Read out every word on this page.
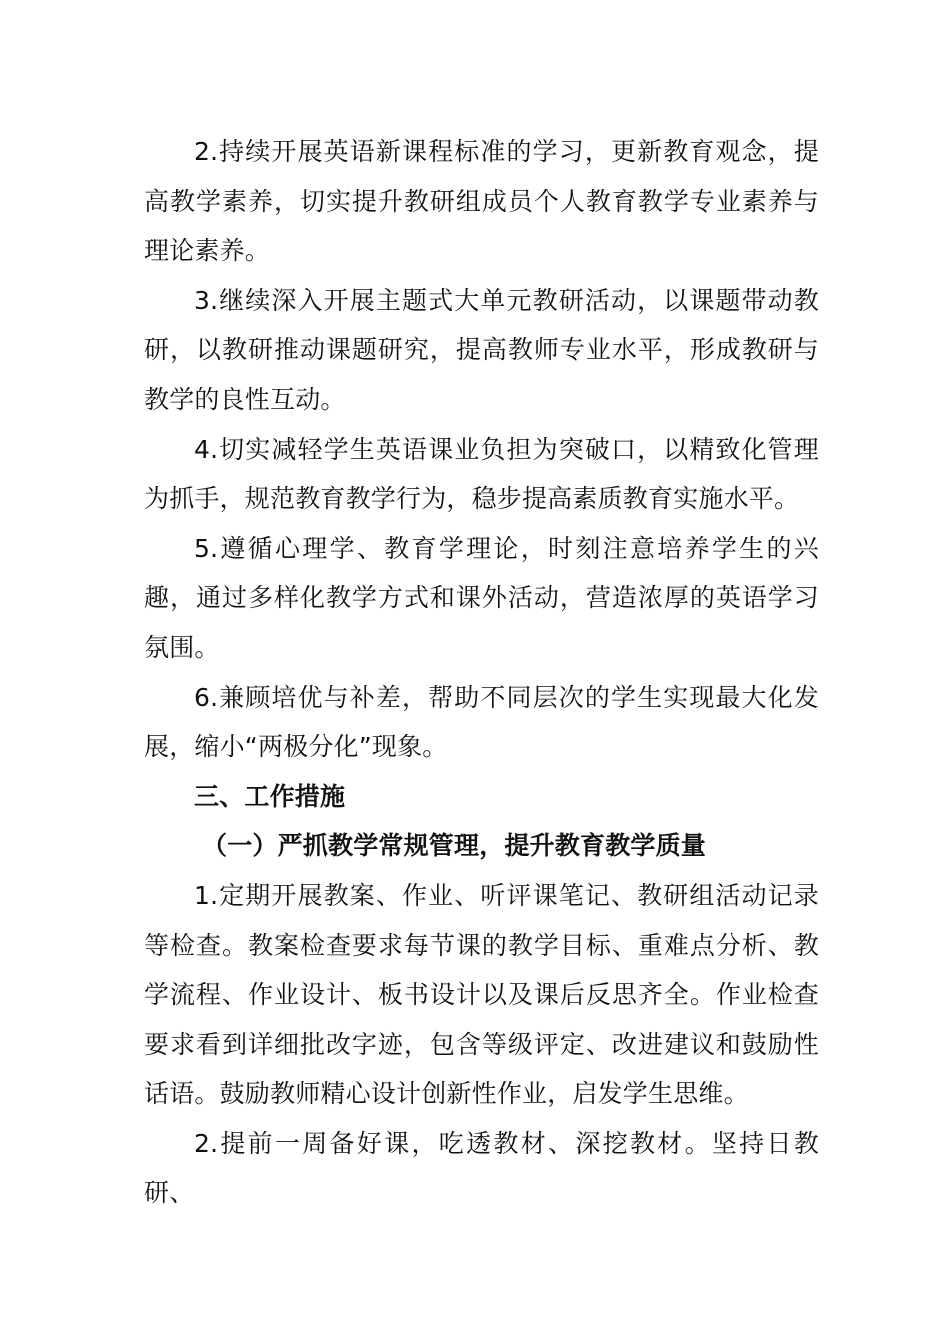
2.持续开展英语新课程标准的学习，更新教育观念，提高教学素养，切实提升教研组成员个人教育教学专业素养与理论素养。

3.继续深入开展主题式大单元教研活动，以课题带动教研，以教研推动课题研究，提高教师专业水平，形成教研与教学的良性互动。

4.切实减轻学生英语课业负担为突破口，以精致化管理为抓手，规范教育教学行为，稳步提高素质教育实施水平。

5.遵循心理学、教育学理论，时刻注意培养学生的兴趣，通过多样化教学方式和课外活动，营造浓厚的英语学习氛围。

6.兼顾培优与补差，帮助不同层次的学生实现最大化发展，缩小“两极分化”现象。

三、工作措施

（一）严抓教学常规管理，提升教育教学质量

1.定期开展教案、作业、听评课笔记、教研组活动记录等检查。教案检查要求每节课的教学目标、重难点分析、教学流程、作业设计、板书设计以及课后反思齐全。作业检查要求看到详细批改字迹，包含等级评定、改进建议和鼓励性话语。鼓励教师精心设计创新性作业，启发学生思维。

2.提前一周备好课，吃透教材、深挖教材。坚持日教研、
